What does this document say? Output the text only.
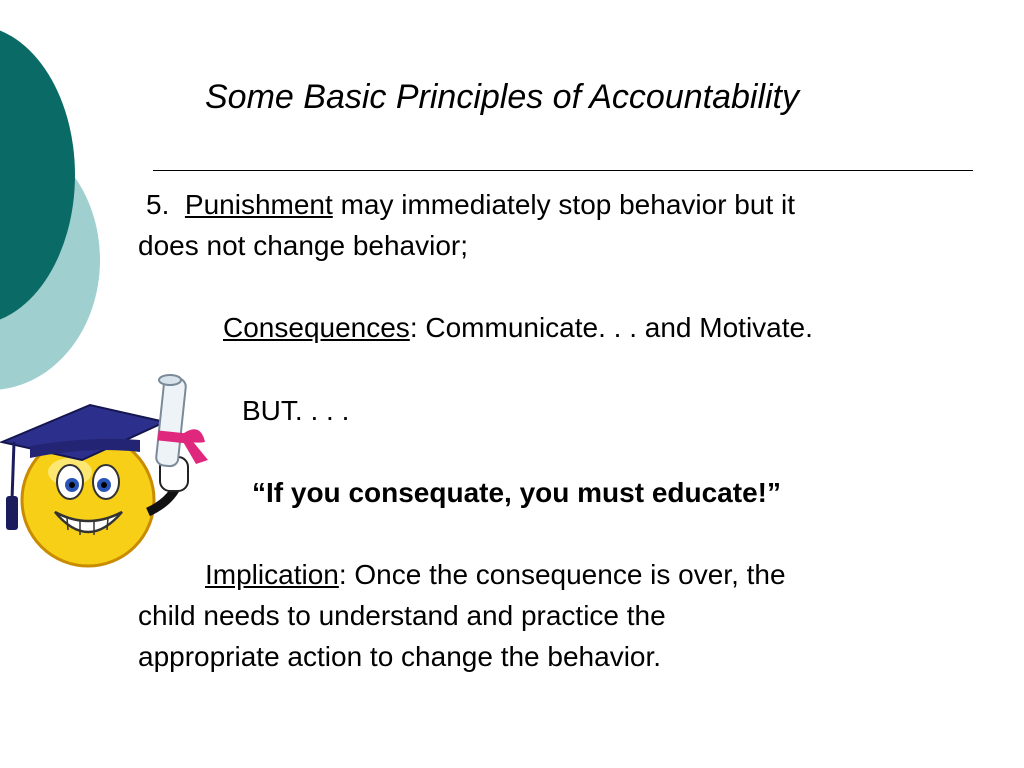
Some Basic Principles of Accountability
5. Punishment may immediately stop behavior but it
does not change behavior;
Consequences: Communicate. . . and Motivate.
BUT. . . .
“If you consequate, you must educate!”
Implication: Once the consequence is over, the
child needs to understand and practice the
appropriate action to change the behavior.
